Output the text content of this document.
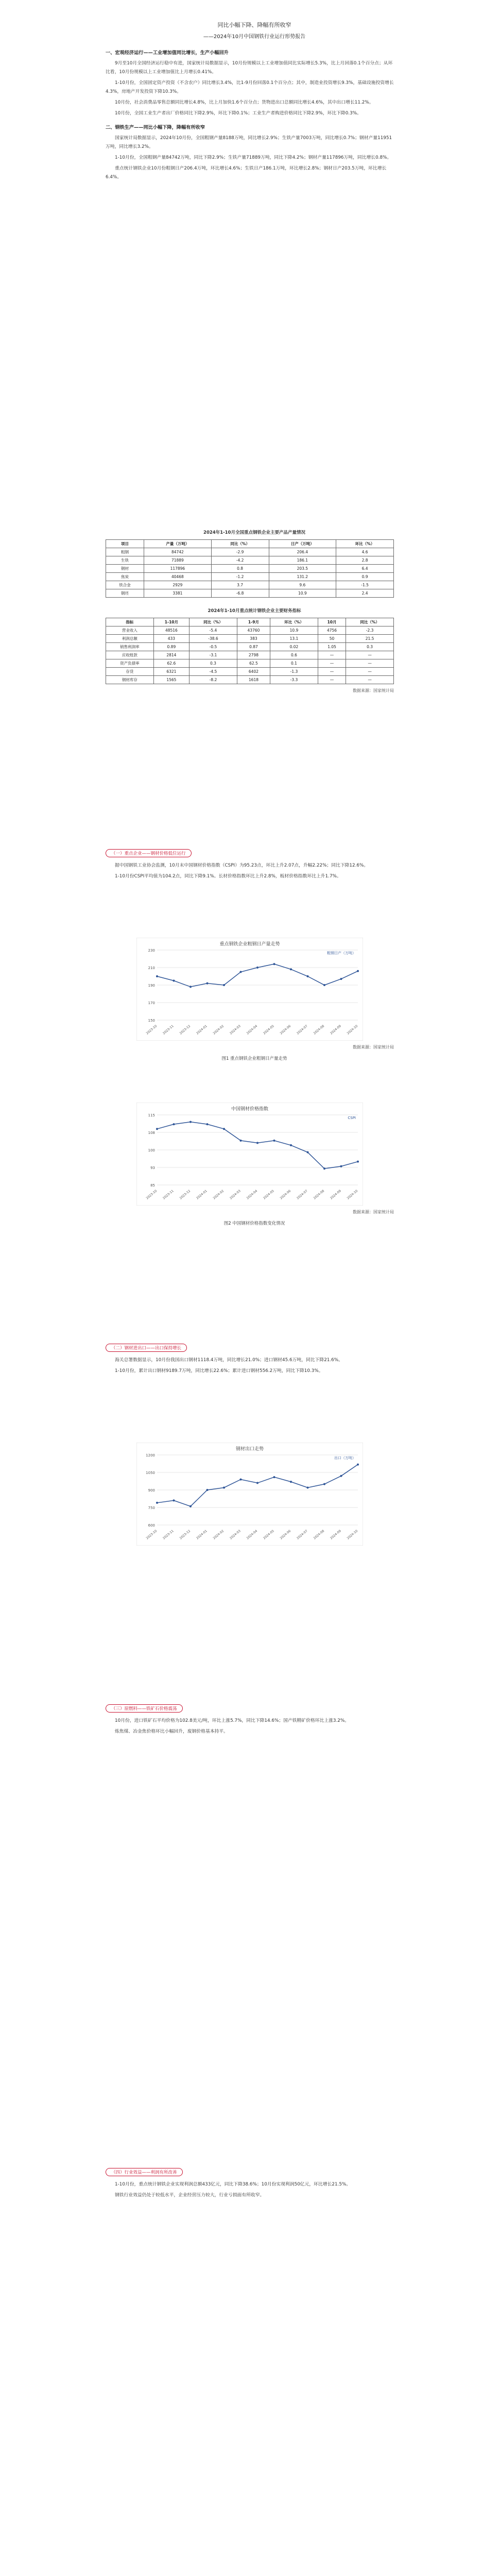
同比小幅下降、降幅有所收窄

——2024年10月中国钢铁行业运行形势报告

一、宏观经济运行——工业增加值同比增长，生产小幅回升

9月至10月全国经济运行稳中有进，国家统计局数据显示，10月份规模以上工业增加值同比实际增长5.3%，比上月回落0.1个百分点；从环比看，10月份规模以上工业增加值比上月增长0.41%。

1-10月份，全国固定资产投资（不含农户）同比增长3.4%，比1-9月份回落0.1个百分点；其中，制造业投资增长9.3%，基础设施投资增长4.3%，房地产开发投资下降10.3%。

10月份，社会消费品零售总额同比增长4.8%，比上月加快1.6个百分点；货物进出口总额同比增长4.6%，其中出口增长11.2%。

10月份，全国工业生产者出厂价格同比下降2.9%，环比下降0.1%；工业生产者购进价格同比下降2.9%，环比下降0.3%。

二、钢铁生产——同比小幅下降，降幅有所收窄

国家统计局数据显示，2024年10月份，全国粗钢产量8188万吨，同比增长2.9%；生铁产量7003万吨，同比增长0.7%；钢材产量11951万吨，同比增长3.2%。

1-10月份，全国粗钢产量84742万吨，同比下降2.9%；生铁产量71889万吨，同比下降4.2%；钢材产量117896万吨，同比增长0.8%。

重点统计钢铁企业10月份粗钢日产206.4万吨，环比增长4.6%；生铁日产186.1万吨，环比增长2.8%；钢材日产203.5万吨，环比增长6.4%。

2024年1-10月全国重点钢铁企业主要产品产量情况

项目	产量（万吨）	同比（%）	日产（万吨）	环比（%）
粗钢	84742	-2.9	206.4	4.6
生铁	71889	-4.2	186.1	2.8
钢材	117896	0.8	203.5	6.4
焦炭	40468	-1.2	131.2	0.9
铁合金	2929	3.7	9.6	-1.5
钢坯	3381	-6.8	10.9	2.4

2024年1-10月重点统计钢铁企业主要财务指标

指标	1-10月	同比（%）	1-9月	环比（%）	10月	同比（%）
营业收入	48516	-5.4	43760	10.9	4756	-2.3
利润总额	433	-38.6	383	13.1	50	21.5
销售利润率	0.89	-0.5	0.87	0.02	1.05	0.3
应收账款	2814	-3.1	2798	0.6	—	—
资产负债率	62.6	0.3	62.5	0.1	—	—
存货	6321	-4.5	6402	-1.3	—	—
钢材库存	1565	-8.2	1618	-3.3	—	—

数据来源：国家统计局

（一）重点企业——钢材价格低位运行

据中国钢铁工业协会监测，10月末中国钢材价格指数（CSPI）为95.23点，环比上升2.07点，升幅2.22%；同比下降12.6%。

1-10月份CSPI平均值为104.2点，同比下降9.1%。长材价格指数环比上升2.8%，板材价格指数环比上升1.7%。

重点钢铁企业粗钢日产量走势
150
170
190
210
230
2023-10 2023-11 2023-12 2024-01 2024-02 2024-03 2024-04 2024-05 2024-06 2024-07 2024-08 2024-09 2024-10
粗钢日产（万吨）

数据来源：国家统计局

图1 重点钢铁企业粗钢日产量走势

中国钢材价格指数
85
93
100
108
115
2023-10 2023-11 2023-12 2024-01 2024-02 2024-03 2024-04 2024-05 2024-06 2024-07 2024-08 2024-09 2024-10
CSPI

数据来源：国家统计局

图2 中国钢材价格指数变化情况

（二）钢材进出口——出口保持增长

海关总署数据显示，10月份我国出口钢材1118.4万吨，同比增长21.0%；进口钢材45.6万吨，同比下降21.6%。

1-10月份，累计出口钢材9189.7万吨，同比增长22.6%；累计进口钢材556.2万吨，同比下降10.3%。

钢材出口走势
600
750
900
1050
1200
2023-10 2023-11 2023-12 2024-01 2024-02 2024-03 2024-04 2024-05 2024-06 2024-07 2024-08 2024-09 2024-10
出口（万吨）
（三）原燃料——铁矿石价格震荡

10月份，进口铁矿石平均价格为102.8美元/吨，环比上涨5.7%，同比下降14.6%；国产铁精矿价格环比上涨3.2%。

炼焦煤、冶金焦价格环比小幅回升，废钢价格基本持平。

（四）行业效益——利润有所改善

1-10月份，重点统计钢铁企业实现利润总额433亿元，同比下降38.6%；10月份实现利润50亿元，环比增长21.5%。

钢铁行业效益仍处于较低水平，企业经营压力较大，行业亏损面有所收窄。
